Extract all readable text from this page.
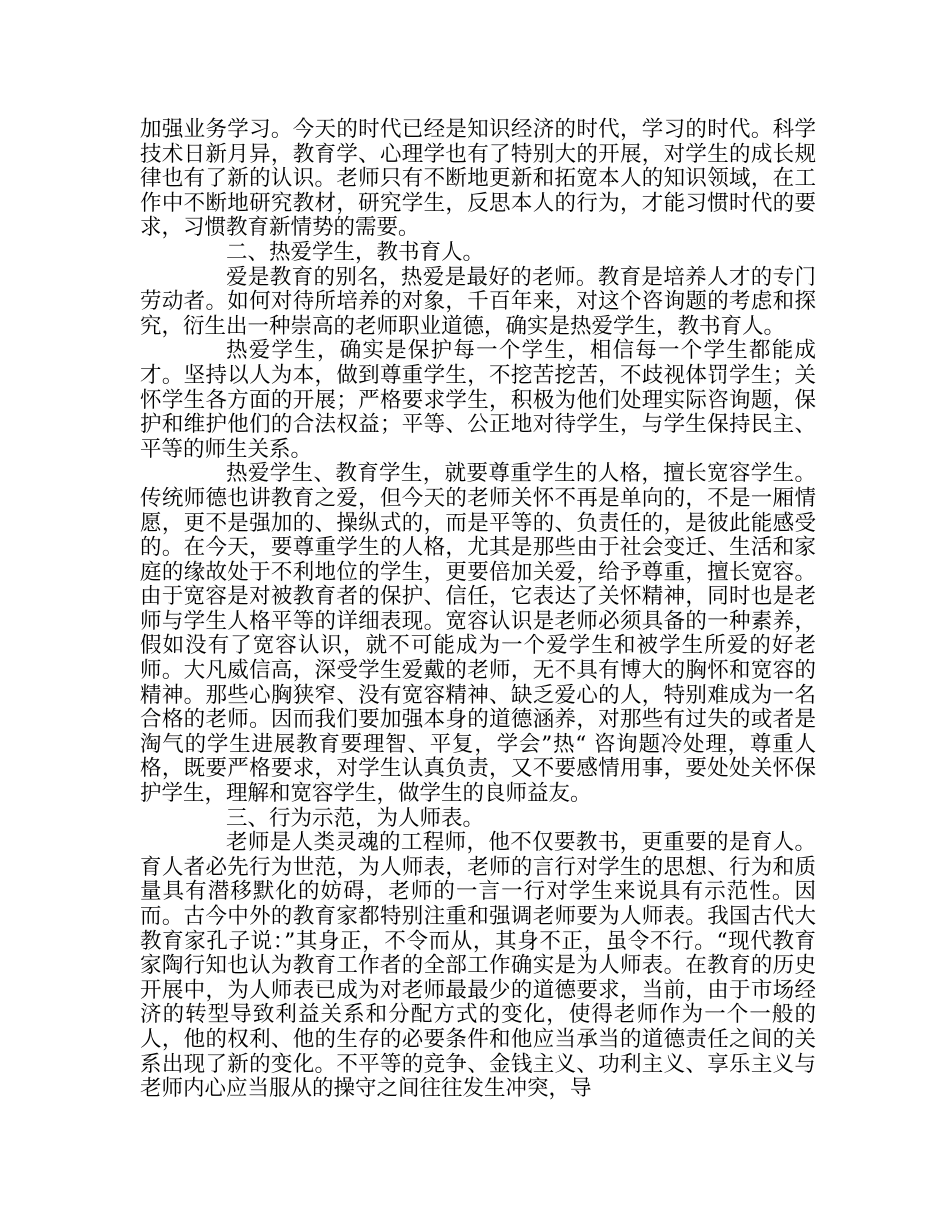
加强业务学习。今天的时代已经是知识经济的时代，学习的时代。科学技术日新月异，教育学、心理学也有了特别大的开展，对学生的成长规律也有了新的认识。老师只有不断地更新和拓宽本人的知识领域，在工作中不断地研究教材，研究学生，反思本人的行为，才能习惯时代的要求，习惯教育新情势的需要。

二、热爱学生，教书育人。

爱是教育的别名，热爱是最好的老师。教育是培养人才的专门劳动者。如何对待所培养的对象，千百年来，对这个咨询题的考虑和探究，衍生出一种崇高的老师职业道德，确实是热爱学生，教书育人。

热爱学生，确实是保护每一个学生，相信每一个学生都能成才。坚持以人为本，做到尊重学生，不挖苦挖苦，不歧视体罚学生；关怀学生各方面的开展；严格要求学生，积极为他们处理实际咨询题，保护和维护他们的合法权益；平等、公正地对待学生，与学生保持民主、平等的师生关系。

热爱学生、教育学生，就要尊重学生的人格，擅长宽容学生。传统师德也讲教育之爱，但今天的老师关怀不再是单向的，不是一厢情愿，更不是强加的、操纵式的，而是平等的、负责任的，是彼此能感受的。在今天，要尊重学生的人格，尤其是那些由于社会变迁、生活和家庭的缘故处于不利地位的学生，更要倍加关爱，给予尊重，擅长宽容。由于宽容是对被教育者的保护、信任，它表达了关怀精神，同时也是老师与学生人格平等的详细表现。宽容认识是老师必须具备的一种素养，假如没有了宽容认识，就不可能成为一个爱学生和被学生所爱的好老师。大凡威信高，深受学生爱戴的老师，无不具有博大的胸怀和宽容的精神。那些心胸狭窄、没有宽容精神、缺乏爱心的人，特别难成为一名合格的老师。因而我们要加强本身的道德涵养，对那些有过失的或者是淘气的学生进展教育要理智、平复，学会”热“ 咨询题冷处理，尊重人格，既要严格要求，对学生认真负责，又不要感情用事，要处处关怀保护学生，理解和宽容学生，做学生的良师益友。

三、行为示范，为人师表。

老师是人类灵魂的工程师，他不仅要教书，更重要的是育人。育人者必先行为世范，为人师表，老师的言行对学生的思想、行为和质量具有潜移默化的妨碍，老师的一言一行对学生来说具有示范性。因而。古今中外的教育家都特别注重和强调老师要为人师表。我国古代大教育家孔子说：”其身正，不令而从，其身不正，虽令不行。“现代教育家陶行知也认为教育工作者的全部工作确实是为人师表。在教育的历史开展中，为人师表已成为对老师最最少的道德要求，当前，由于市场经济的转型导致利益关系和分配方式的变化，使得老师作为一个一般的人，他的权利、他的生存的必要条件和他应当承当的道德责任之间的关系出现了新的变化。不平等的竞争、金钱主义、功利主义、享乐主义与老师内心应当服从的操守之间往往发生冲突，导
